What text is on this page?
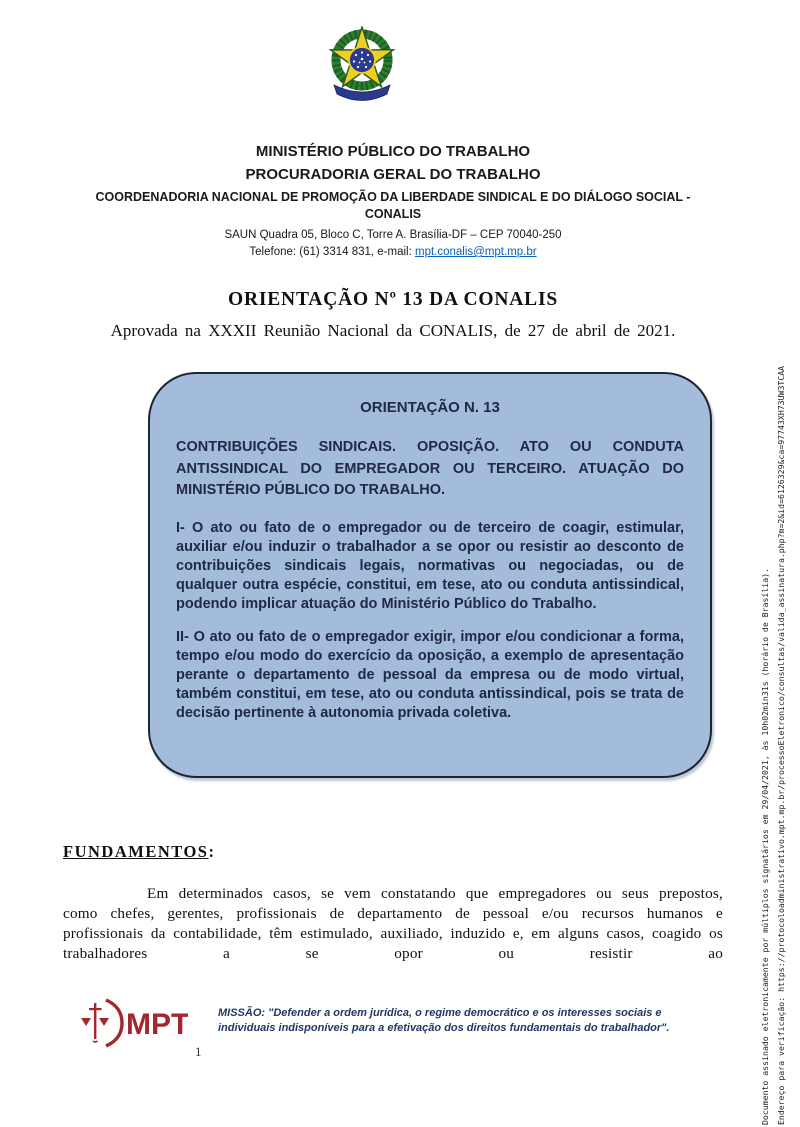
MINISTÉRIO PÚBLICO DO TRABALHO
PROCURADORIA GERAL DO TRABALHO
COORDENADORIA NACIONAL DE PROMOÇÃO DA LIBERDADE SINDICAL E DO DIÁLOGO SOCIAL -
CONALIS
SAUN Quadra 05, Bloco C, Torre A. Brasília-DF – CEP 70040-250
Telefone: (61) 3314 831, e-mail: mpt.conalis@mpt.mp.br
ORIENTAÇÃO Nº 13 DA CONALIS
Aprovada na XXXII Reunião Nacional da CONALIS, de 27 de abril de 2021.
ORIENTAÇÃO N. 13
CONTRIBUIÇÕES SINDICAIS. OPOSIÇÃO. ATO OU CONDUTA ANTISSINDICAL DO EMPREGADOR OU TERCEIRO. ATUAÇÃO DO MINISTÉRIO PÚBLICO DO TRABALHO.
I- O ato ou fato de o empregador ou de terceiro de coagir, estimular, auxiliar e/ou induzir o trabalhador a se opor ou resistir ao desconto de contribuições sindicais legais, normativas ou negociadas, ou de qualquer outra espécie, constitui, em tese, ato ou conduta antissindical, podendo implicar atuação do Ministério Público do Trabalho.
II- O ato ou fato de o empregador exigir, impor e/ou condicionar a forma, tempo e/ou modo do exercício da oposição, a exemplo de apresentação perante o departamento de pessoal da empresa ou de modo virtual, também constitui, em tese, ato ou conduta antissindical, pois se trata de decisão pertinente à autonomia privada coletiva.
FUNDAMENTOS:
Em determinados casos, se vem constatando que empregadores ou seus prepostos, como chefes, gerentes, profissionais de departamento de pessoal e/ou recursos humanos e profissionais da contabilidade, têm estimulado, auxiliado, induzido e, em alguns casos, coagido os trabalhadores a se opor ou resistir ao
MPT	MISSÃO: "Defender a ordem jurídica, o regime democrático e os interesses sociais e individuais indisponíveis para a efetivação dos direitos fundamentais do trabalhador".
1	Documento assinado eletronicamente por múltiplos signatários em 29/04/2021, às 10h02min31s (horário de Brasília). Endereço para verificação: https://protocoloadministrativo.mpt.mp.br/processoEletronico/consultas/valida_assinatura.php?m=2&id=6126329&ca=97743XH73UW3TCAA
